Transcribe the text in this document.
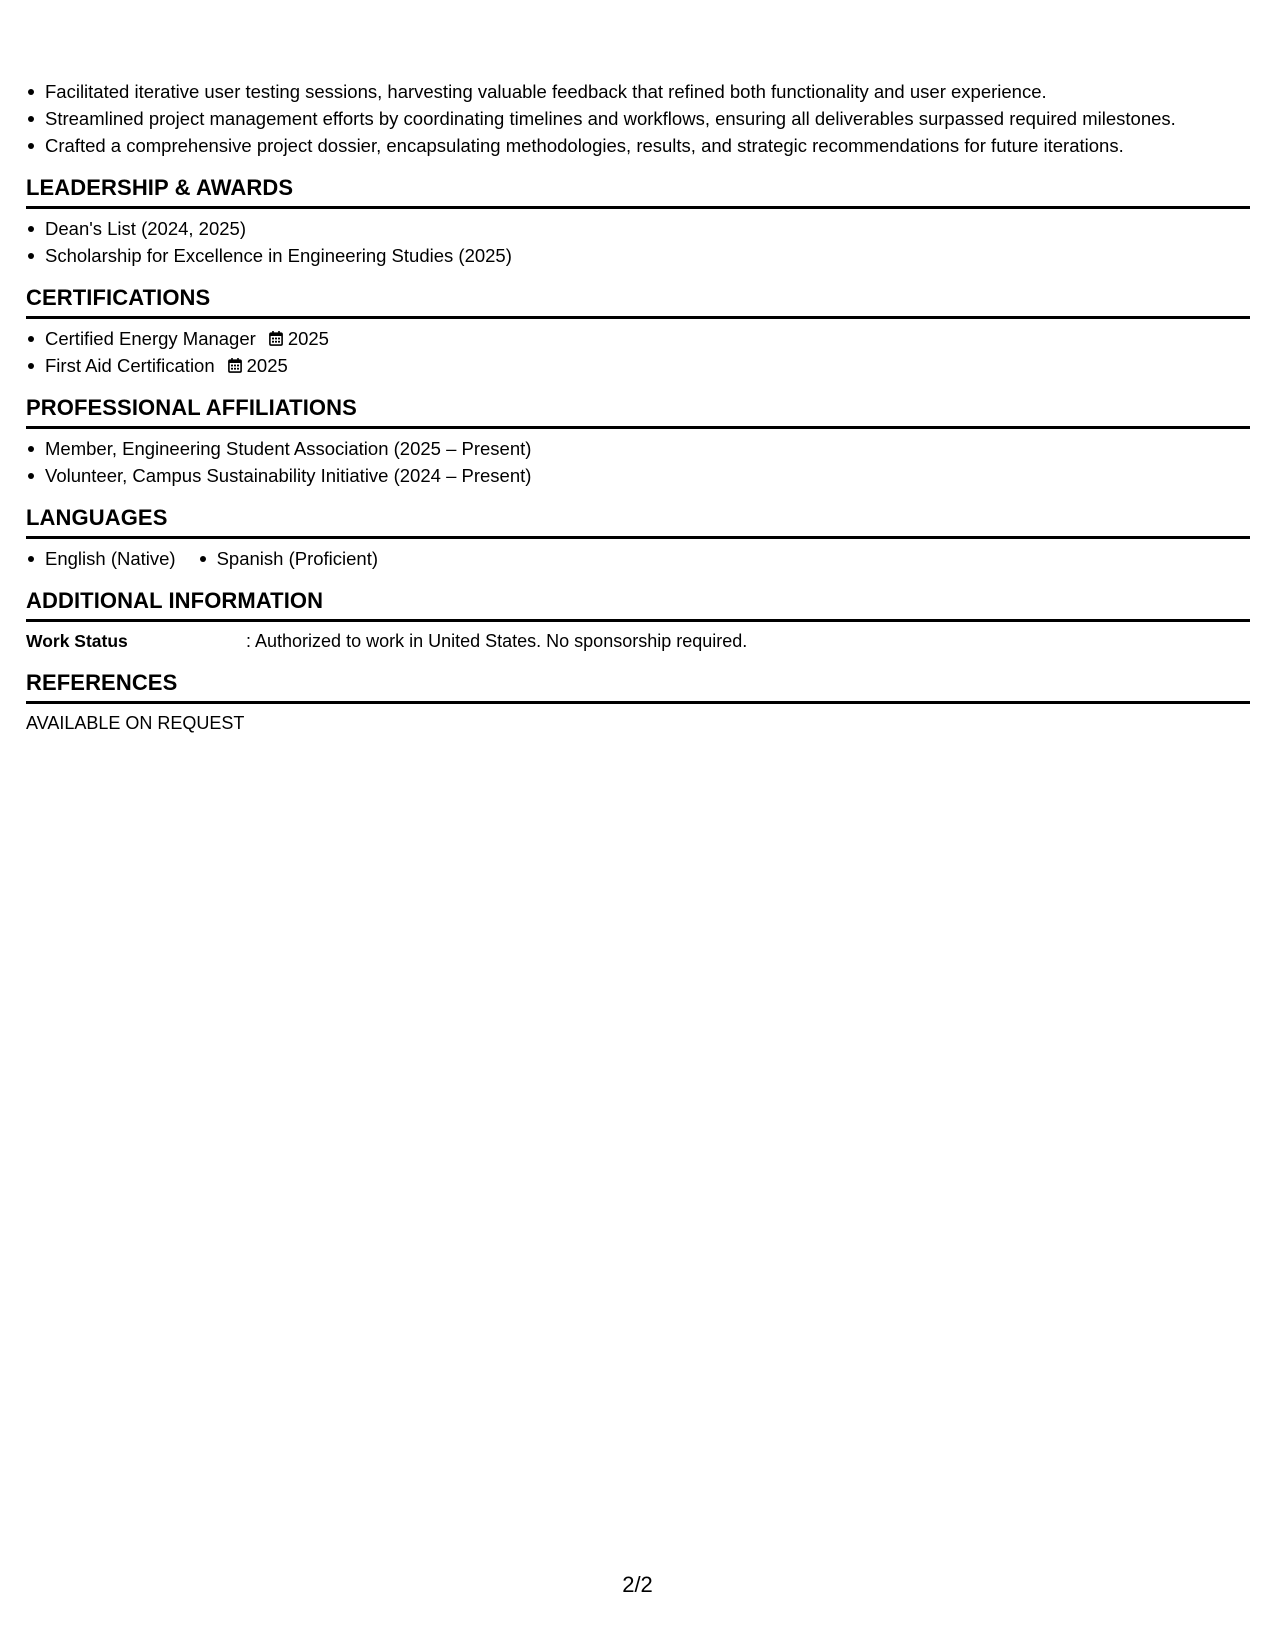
Facilitated iterative user testing sessions, harvesting valuable feedback that refined both functionality and user experience.
Streamlined project management efforts by coordinating timelines and workflows, ensuring all deliverables surpassed required milestones.
Crafted a comprehensive project dossier, encapsulating methodologies, results, and strategic recommendations for future iterations.
LEADERSHIP & AWARDS
Dean's List (2024, 2025)
Scholarship for Excellence in Engineering Studies (2025)
CERTIFICATIONS
Certified Energy Manager 2025
First Aid Certification 2025
PROFESSIONAL AFFILIATIONS
Member, Engineering Student Association (2025 – Present)
Volunteer, Campus Sustainability Initiative (2024 – Present)
LANGUAGES
English (Native) Spanish (Proficient)
ADDITIONAL INFORMATION
Work Status	: Authorized to work in United States. No sponsorship required.
REFERENCES
AVAILABLE ON REQUEST
2/2
